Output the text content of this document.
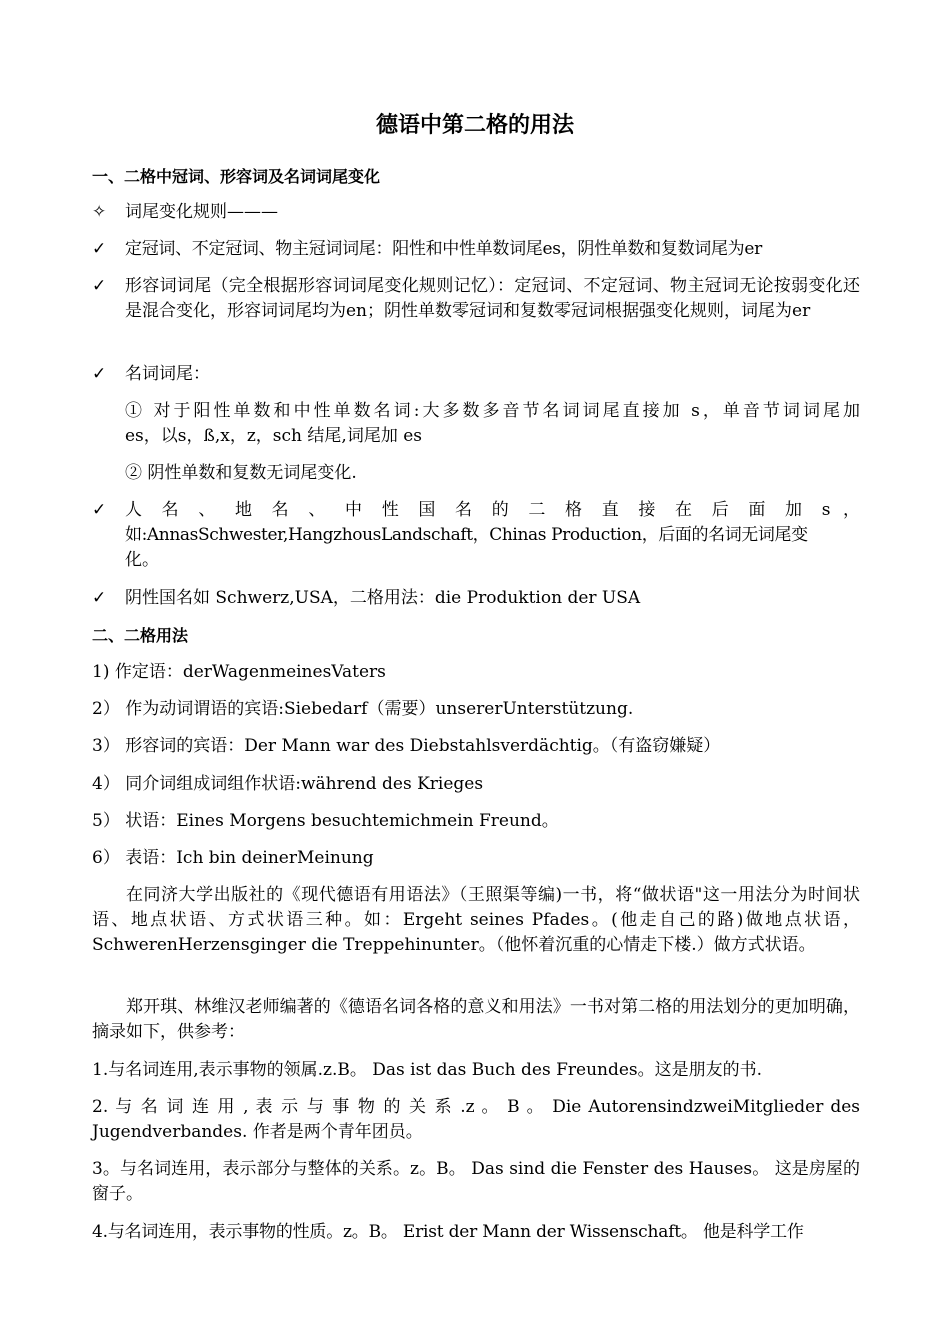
德语中第二格的用法
一、二格中冠词、形容词及名词词尾变化
✧	词尾变化规则———
✓	定冠词、不定冠词、物主冠词词尾：阳性和中性单数词尾es，阴性单数和复数词尾为er
✓	形容词词尾（完全根据形容词词尾变化规则记忆）：定冠词、不定冠词、物主冠词无论按弱变化还是混合变化，形容词词尾均为en；阴性单数零冠词和复数零冠词根据强变化规则，词尾为er
✓	名词词尾：
① 对于阳性单数和中性单数名词:大多数多音节名词词尾直接加 s，单音节词词尾加
es，以s，ß,x，z，sch 结尾,词尾加 es
② 阴性单数和复数无词尾变化.
✓	人 名 、 地 名 、 中 性 国 名 的 二 格 直 接 在 后 面 加 s ，
如:AnnasSchwester,HangzhousLandschaft，Chinas Production，后面的名词无词尾变
化。
✓	阴性国名如 Schwerz,USA，二格用法：die Produktion der USA
二、二格用法
1) 作定语：derWagenmeinesVaters
2） 作为动词谓语的宾语:Siebedarf（需要）unsererUnterstützung.
3） 形容词的宾语：Der Mann war des Diebstahlsverdächtig。（有盗窃嫌疑）
4） 同介词组成词组作状语:während des Krieges
5） 状语：Eines Morgens besuchtemichmein Freund。
6） 表语：Ich bin deinerMeinung
在同济大学出版社的《现代德语有用语法》（王照渠等编)一书，将“做状语"这一用法分为时间状语、地点状语、方式状语三种。如：Ergeht seines Pfades。(他走自己的路)做地点状语，SchwerenHerzensginger die Treppehinunter。（他怀着沉重的心情走下楼.）做方式状语。
郑开琪、林维汉老师编著的《德语名词各格的意义和用法》一书对第二格的用法划分的更加明确，摘录如下，供参考：
1.与名词连用,表示事物的领属.z.B。 Das ist das Buch des Freundes。这是朋友的书.
2. 与 名 词 连 用 , 表 示 与 事 物 的 关 系 .z 。 B 。 Die AutorensindzweiMitglieder des
Jugendverbandes. 作者是两个青年团员。
3。与名词连用，表示部分与整体的关系。z。B。 Das sind die Fenster des Hauses。 这是房屋的窗子。
4.与名词连用，表示事物的性质。z。B。 Erist der Mann der Wissenschaft。 他是科学工作
